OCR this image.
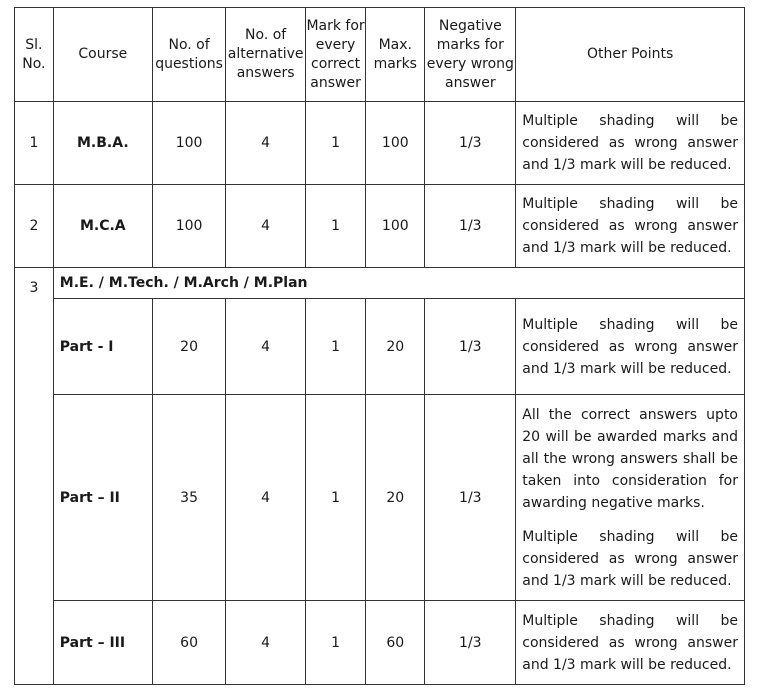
Sl. No.	Course	No. of questions	No. of alternative answers	Mark for every correct answer	Max. marks	Negative marks for every wrong answer	Other Points
1	M.B.A.	100	4	1	100	1/3	Multiple shading will be considered as wrong answer and 1/3 mark will be reduced.

2	M.C.A	100	4	1	100	1/3	Multiple shading will be considered as wrong answer and 1/3 mark will be reduced.

3	M.E. / M.Tech. / M.Arch / M.Plan						
	Part - I	20	4	1	20	1/3	Multiple shading will be considered as wrong answer and 1/3 mark will be reduced.

	Part – II	35	4	1	20	1/3	All the correct answers upto 20 will be awarded marks and all the wrong answers shall be taken into consideration for awarding negative marks.

Multiple shading will be considered as wrong answer and 1/3 mark will be reduced.

	Part – III	60	4	1	60	1/3	Multiple shading will be considered as wrong answer and 1/3 mark will be reduced.
